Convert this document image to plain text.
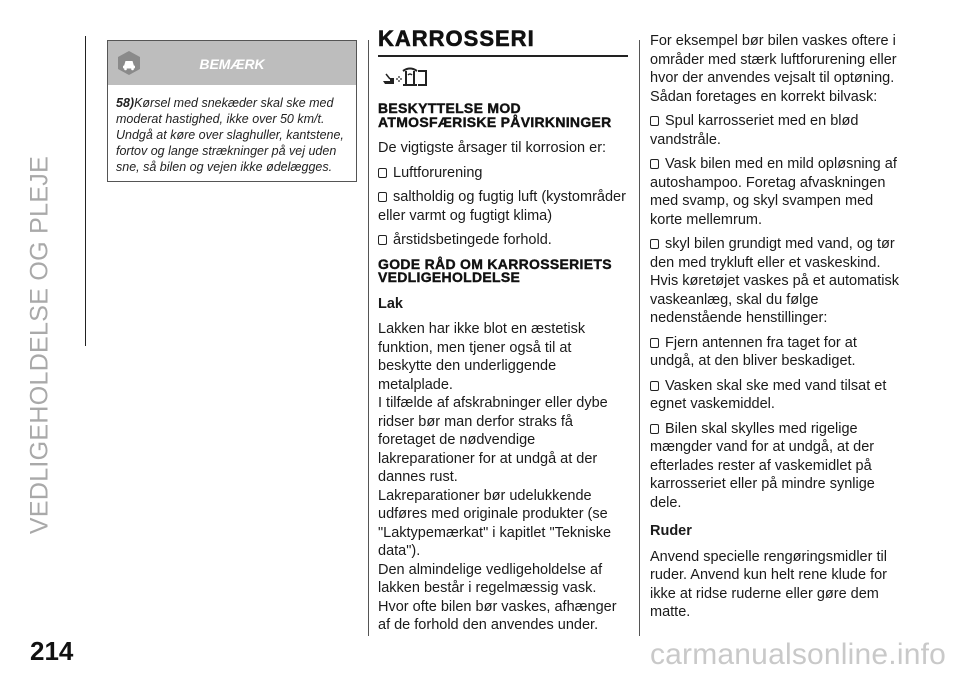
VEDLIGEHOLDELSE OG PLEJE
214	carmanualsonline.info
BEMÆRK
58)Kørsel med snekæder skal ske med moderat hastighed, ikke over 50 km/t. Undgå at køre over slaghuller, kantstene, fortov og lange strækninger på vej uden sne, så bilen og vejen ikke ødelægges.
KARROSSERI
BESKYTTELSE MOD ATMOSFÆRISKE PÅVIRKNINGER

De vigtigste årsager til korrosion er:

Luftforurening

saltholdig og fugtig luft (kystområder eller varmt og fugtigt klima)

årstidsbetingede forhold.

GODE RÅD OM KARROSSERIETS VEDLIGEHOLDELSE
Lak
Lakken har ikke blot en æstetisk funktion, men tjener også til at beskytte den underliggende metalplade.
I tilfælde af afskrabninger eller dybe ridser bør man derfor straks få foretaget de nødvendige lakreparationer for at undgå at der dannes rust.
Lakreparationer bør udelukkende udføres med originale produkter (se "Laktypemærkat" i kapitlet "Tekniske data").
Den almindelige vedligeholdelse af lakken består i regelmæssig vask. Hvor ofte bilen bør vaskes, afhænger af de forhold den anvendes under.
For eksempel bør bilen vaskes oftere i områder med stærk luftforurening eller hvor der anvendes vejsalt til optøning.

Sådan foretages en korrekt bilvask:

Spul karrosseriet med en blød vandstråle.

Vask bilen med en mild opløsning af autoshampoo. Foretag afvaskningen med svamp, og skyl svampen med korte mellemrum.

skyl bilen grundigt med vand, og tør den med trykluft eller et vaskeskind.

Hvis køretøjet vaskes på et automatisk vaskeanlæg, skal du følge nedenstående henstillinger:

Fjern antennen fra taget for at undgå, at den bliver beskadiget.

Vasken skal ske med vand tilsat et egnet vaskemiddel.

Bilen skal skylles med rigelige mængder vand for at undgå, at der efterlades rester af vaskemidlet på karrosseriet eller på mindre synlige dele.

Ruder
Anvend specielle rengøringsmidler til ruder. Anvend kun helt rene klude for ikke at ridse ruderne eller gøre dem matte.
